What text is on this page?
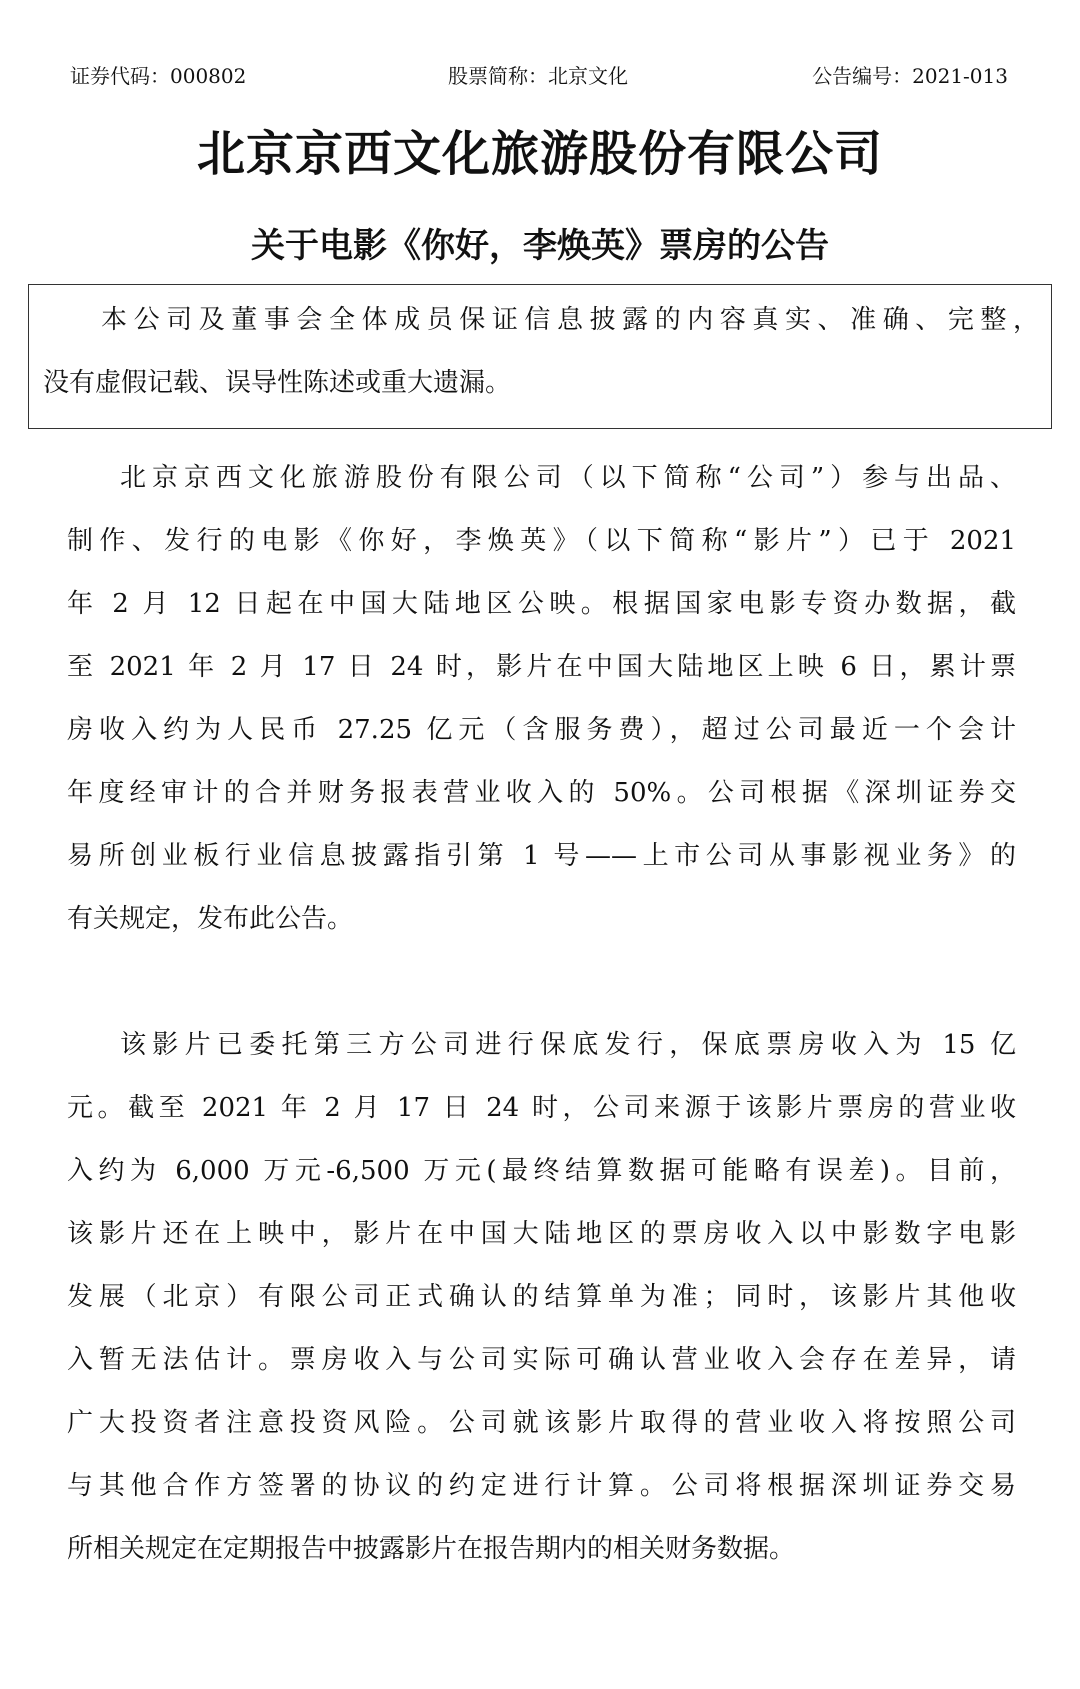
证券代码：000802	股票简称：北京文化	公告编号：2021-013
北京京西文化旅游股份有限公司
关于电影《你好，李焕英》票房的公告
本公司及董事会全体成员保证信息披露的内容真实、准确、完整，
没有虚假记载、误导性陈述或重大遗漏。
北京京西文化旅游股份有限公司（以下简称“公司”）参与出品、
制作、发行的电影《你好，李焕英》（以下简称“影片”）已于 2021
年 2 月 12 日起在中国大陆地区公映。根据国家电影专资办数据，截
至 2021 年 2 月 17 日 24 时，影片在中国大陆地区上映 6 日，累计票
房收入约为人民币 27.25 亿元（含服务费），超过公司最近一个会计
年度经审计的合并财务报表营业收入的 50%。公司根据《深圳证券交
易所创业板行业信息披露指引第 1 号——上市公司从事影视业务》的
有关规定，发布此公告。
该影片已委托第三方公司进行保底发行，保底票房收入为 15 亿
元。截至 2021 年 2 月 17 日 24 时，公司来源于该影片票房的营业收
入约为 6,000 万元-6,500 万元(最终结算数据可能略有误差)。目前，
该影片还在上映中，影片在中国大陆地区的票房收入以中影数字电影
发展（北京）有限公司正式确认的结算单为准；同时，该影片其他收
入暂无法估计。票房收入与公司实际可确认营业收入会存在差异，请
广大投资者注意投资风险。公司就该影片取得的营业收入将按照公司
与其他合作方签署的协议的约定进行计算。公司将根据深圳证券交易
所相关规定在定期报告中披露影片在报告期内的相关财务数据。
